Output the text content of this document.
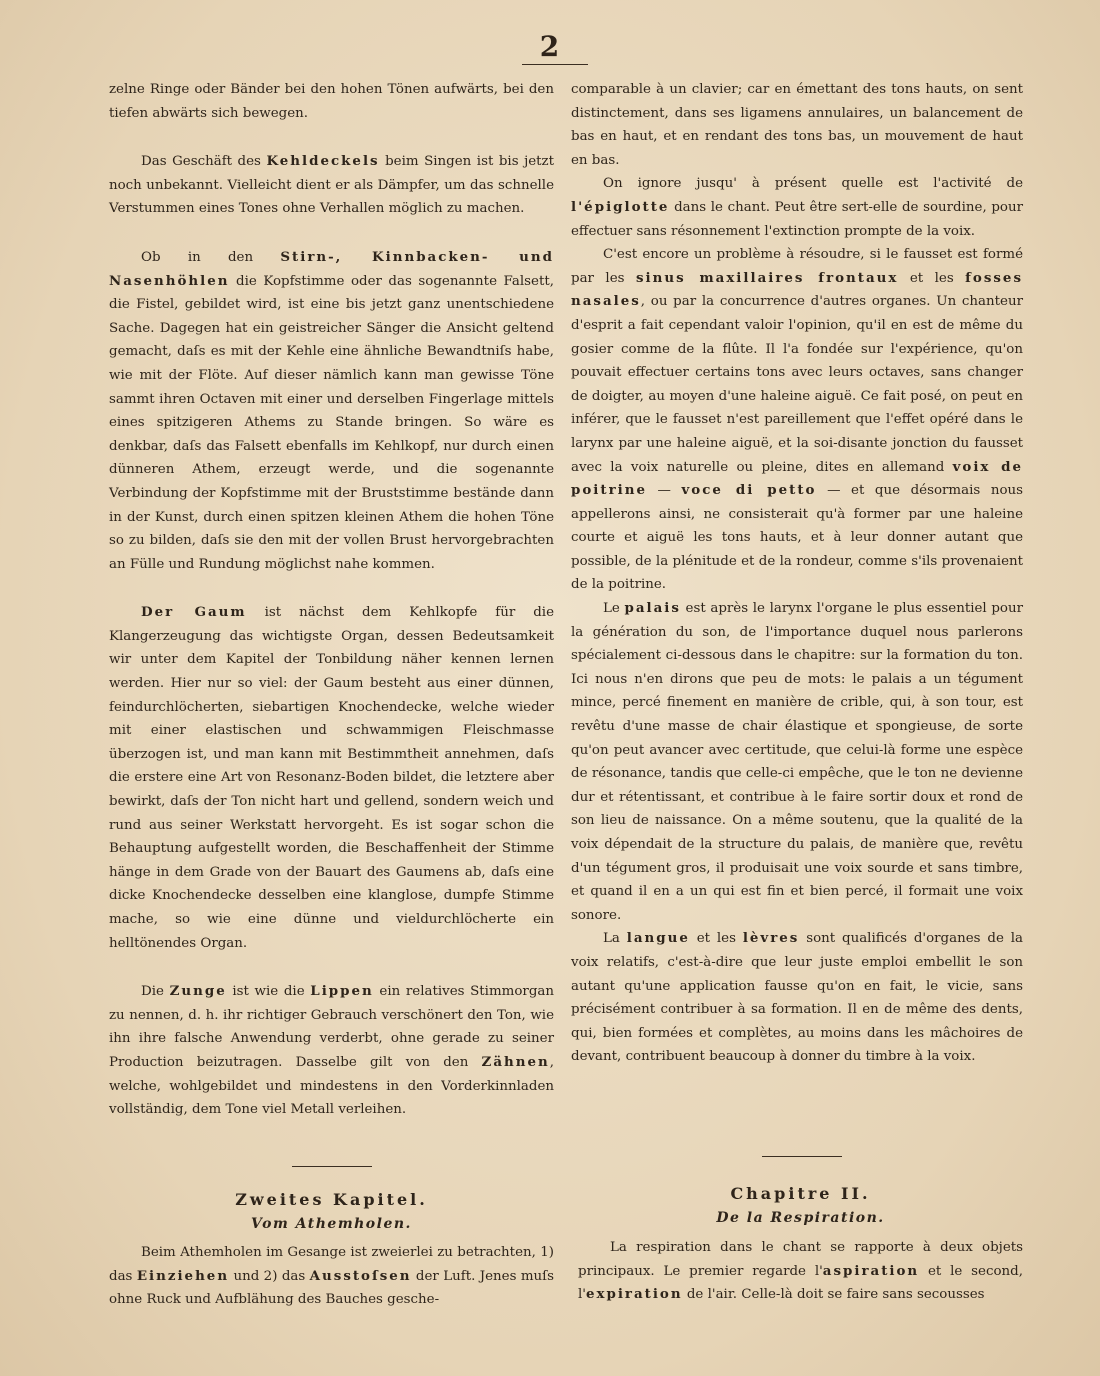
2

zelne Ringe oder Bänder bei den hohen Tönen aufwärts, bei den tiefen abwärts sich bewegen.

Das Geschäft des Kehldeckels beim Singen ist bis jetzt noch unbekannt. Vielleicht dient er als Dämpfer, um das schnelle Verstummen eines Tones ohne Verhallen möglich zu machen.

Ob in den Stirn-, Kinnbacken- und Nasenhöhlen die Kopfstimme oder das sogenannte Falsett, die Fistel, gebildet wird, ist eine bis jetzt ganz unentschiedene Sache. Dagegen hat ein geistreicher Sänger die Ansicht geltend gemacht, daſs es mit der Kehle eine ähnliche Bewandtniſs habe, wie mit der Flöte. Auf dieser nämlich kann man gewisse Töne sammt ihren Octaven mit einer und derselben Fingerlage mittels eines spitzigeren Athems zu Stande bringen. So wäre es denkbar, daſs das Falsett ebenfalls im Kehlkopf, nur durch einen dünneren Athem, erzeugt werde, und die sogenannte Verbindung der Kopfstimme mit der Bruststimme bestände dann in der Kunst, durch einen spitzen kleinen Athem die hohen Töne so zu bilden, daſs sie den mit der vollen Brust hervorgebrachten an Fülle und Rundung möglichst nahe kommen.

Der Gaum ist nächst dem Kehlkopfe für die Klangerzeugung das wichtigste Organ, dessen Bedeutsamkeit wir unter dem Kapitel der Tonbildung näher kennen lernen werden. Hier nur so viel: der Gaum besteht aus einer dünnen, feindurchlöcherten, siebartigen Knochendecke, welche wieder mit einer elastischen und schwammigen Fleischmasse überzogen ist, und man kann mit Bestimmtheit annehmen, daſs die erstere eine Art von Resonanz-Boden bildet, die letztere aber bewirkt, daſs der Ton nicht hart und gellend, sondern weich und rund aus seiner Werkstatt hervorgeht. Es ist sogar schon die Behauptung aufgestellt worden, die Beschaffenheit der Stimme hänge in dem Grade von der Bauart des Gaumens ab, daſs eine dicke Knochendecke desselben eine klanglose, dumpfe Stimme mache, so wie eine dünne und vieldurchlöcherte ein helltönendes Organ.

Die Zunge ist wie die Lippen ein relatives Stimmorgan zu nennen, d. h. ihr richtiger Gebrauch verschönert den Ton, wie ihn ihre falsche Anwendung verderbt, ohne gerade zu seiner Production beizutragen. Dasselbe gilt von den Zähnen, welche, wohlgebildet und mindestens in den Vorderkinnladen vollständig, dem Tone viel Metall verleihen.

comparable à un clavier; car en émettant des tons hauts, on sent distinctement, dans ses ligamens annulaires, un balancement de bas en haut, et en rendant des tons bas, un mouvement de haut en bas.

On ignore jusqu' à présent quelle est l'activité de l'épiglotte dans le chant. Peut être sert-elle de sourdine, pour effectuer sans résonnement l'extinction prompte de la voix.

C'est encore un problème à résoudre, si le fausset est formé par les sinus maxillaires frontaux et les fosses nasales, ou par la concurrence d'autres organes. Un chanteur d'esprit a fait cependant valoir l'opinion, qu'il en est de même du gosier comme de la flûte. Il l'a fondée sur l'expérience, qu'on pouvait effectuer certains tons avec leurs octaves, sans changer de doigter, au moyen d'une haleine aiguë. Ce fait posé, on peut en inférer, que le fausset n'est pareillement que l'effet opéré dans le larynx par une haleine aiguë, et la soi-disante jonction du fausset avec la voix naturelle ou pleine, dites en allemand voix de poitrine — voce di petto — et que désormais nous appellerons ainsi, ne consisterait qu'à former par une haleine courte et aiguë les tons hauts, et à leur donner autant que possible, de la plénitude et de la rondeur, comme s'ils provenaient de la poitrine.

Le palais est après le larynx l'organe le plus essentiel pour la génération du son, de l'importance duquel nous parlerons spécialement ci-dessous dans le chapitre: sur la formation du ton. Ici nous n'en dirons que peu de mots: le palais a un tégument mince, percé finement en manière de crible, qui, à son tour, est revêtu d'une masse de chair élastique et spongieuse, de sorte qu'on peut avancer avec certitude, que celui-là forme une espèce de résonance, tandis que celle-ci empêche, que le ton ne devienne dur et rétentissant, et contribue à le faire sortir doux et rond de son lieu de naissance. On a même soutenu, que la qualité de la voix dépendait de la structure du palais, de manière que, revêtu d'un tégument gros, il produisait une voix sourde et sans timbre, et quand il en a un qui est fin et bien percé, il formait une voix sonore.

La langue et les lèvres sont qualificés d'organes de la voix relatifs, c'est-à-dire que leur juste emploi embellit le son autant qu'une application fausse qu'on en fait, le vicie, sans précisément contribuer à sa formation. Il en de même des dents, qui, bien formées et complètes, au moins dans les mâchoires de devant, contribuent beaucoup à donner du timbre à la voix.

Zweites Kapitel.
Vom Athemholen.
Chapitre II.
De la Respiration.

Beim Athemholen im Gesange ist zweierlei zu betrachten, 1) das Einziehen und 2) das Ausstoſsen der Luft. Jenes muſs ohne Ruck und Aufblähung des Bauches gesche-

La respiration dans le chant se rapporte à deux objets principaux. Le premier regarde l'aspiration et le second, l'expiration de l'air. Celle-là doit se faire sans secousses
